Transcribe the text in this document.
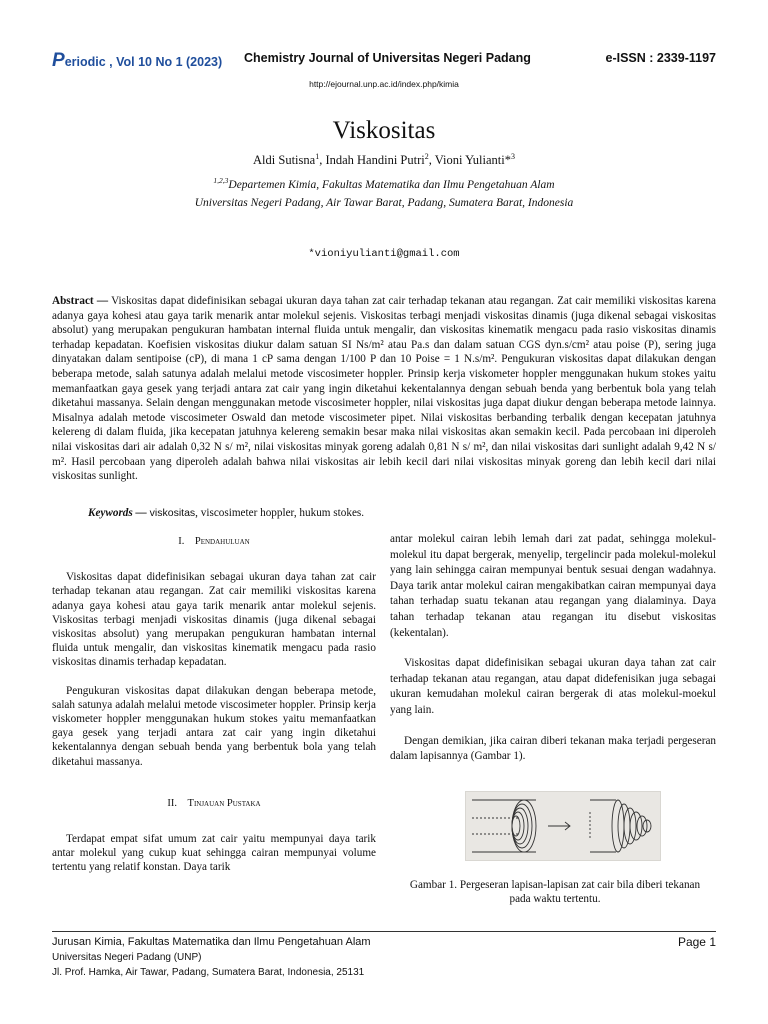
Periodic , Vol 10 No 1 (2023) Chemistry Journal of Universitas Negeri Padang	e-ISSN : 2339-1197
http://ejournal.unp.ac.id/index.php/kimia
Viskositas
Aldi Sutisna$^1$, Indah Handini Putri$^2$, Vioni Yulianti*$^3$
$^{1,2,3}$Departemen Kimia, Fakultas Matematika dan Ilmu Pengetahuan Alam
Universitas Negeri Padang, Air Tawar Barat, Padang, Sumatera Barat, Indonesia
*vioniyulianti@gmail.com
Abstract — Viskositas dapat didefinisikan sebagai ukuran daya tahan zat cair terhadap tekanan atau regangan. Zat cair memiliki viskositas karena adanya gaya kohesi atau gaya tarik menarik antar molekul sejenis. Viskositas terbagi menjadi viskositas dinamis (juga dikenal sebagai viskositas absolut) yang merupakan pengukuran hambatan internal fluida untuk mengalir, dan viskositas kinematik mengacu pada rasio viskositas dinamis terhadap kepadatan. Koefisien viskositas diukur dalam satuan SI Ns/m² atau Pa.s dan dalam satuan CGS dyn.s/cm² atau poise (P), sering juga dinyatakan dalam sentipoise (cP), di mana 1 cP sama dengan 1/100 P dan 10 Poise = 1 N.s/m². Pengukuran viskositas dapat dilakukan dengan beberapa metode, salah satunya adalah melalui metode viscosimeter hoppler. Prinsip kerja viskometer hoppler menggunakan hukum stokes yaitu memanfaatkan gaya gesek yang terjadi antara zat cair yang ingin diketahui kekentalannya dengan sebuah benda yang berbentuk bola yang telah diketahui massanya. Selain dengan menggunakan metode viscosimeter hoppler, nilai viskositas juga dapat diukur dengan beberapa metode lainnya. Misalnya adalah metode viscosimeter Oswald dan metode viscosimeter pipet. Nilai viskositas berbanding terbalik dengan kecepatan jatuhnya kelereng di dalam fluida, jika kecepatan jatuhnya kelereng semakin besar maka nilai viskositas akan semakin kecil. Pada percobaan ini diperoleh nilai viskositas dari air adalah 0,32 N s/ m², nilai viskositas minyak goreng adalah 0,81 N s/ m², dan nilai viskositas dari sunlight adalah 9,42 N s/ m². Hasil percobaan yang diperoleh adalah bahwa nilai viskositas air lebih kecil dari nilai viskositas minyak goreng dan lebih kecil dari nilai viskositas sunlight.
Keywords — viskositas, viscosimeter hoppler, hukum stokes.
I. Pendahuluan
Viskositas dapat didefinisikan sebagai ukuran daya tahan zat cair terhadap tekanan atau regangan. Zat cair memiliki viskositas karena adanya gaya kohesi atau gaya tarik menarik antar molekul sejenis. Viskositas terbagi menjadi viskositas dinamis (juga dikenal sebagai viskositas absolut) yang merupakan pengukuran hambatan internal fluida untuk mengalir, dan viskositas kinematik mengacu pada rasio viskositas dinamis terhadap kepadatan.
Pengukuran viskositas dapat dilakukan dengan beberapa metode, salah satunya adalah melalui metode viscosimeter hoppler. Prinsip kerja viskometer hoppler menggunakan hukum stokes yaitu memanfaatkan gaya gesek yang terjadi antara zat cair yang ingin diketahui kekentalannya dengan sebuah benda yang berbentuk bola yang telah diketahui massanya.
II. Tinjauan Pustaka
Terdapat empat sifat umum zat cair yaitu mempunyai daya tarik antar molekul yang cukup kuat sehingga cairan mempunyai volume tertentu yang relatif konstan. Daya tarik
antar molekul cairan lebih lemah dari zat padat, sehingga molekul-molekul itu dapat bergerak, menyelip, tergelincir pada molekul-molekul yang lain sehingga cairan mempunyai bentuk sesuai dengan wadahnya. Daya tarik antar molekul cairan mengakibatkan cairan mempunyai daya tahan terhadap suatu tekanan atau regangan yang dialaminya. Daya tahan terhadap tekanan atau regangan itu disebut viskositas (kekentalan).
Viskositas dapat didefinisikan sebagai ukuran daya tahan zat cair terhadap tekanan atau regangan, atau dapat didefenisikan juga sebagai ukuran kemudahan molekul cairan bergerak di atas molekul-moekul yang lain.
Dengan demikian, jika cairan diberi tekanan maka terjadi pergeseran dalam lapisannya (Gambar 1).
Gambar 1. Pergeseran lapisan-lapisan zat cair bila diberi tekanan pada waktu tertentu.
Jurusan Kimia, Fakultas Matematika dan Ilmu Pengetahuan Alam
Universitas Negeri Padang (UNP)
Jl. Prof. Hamka, Air Tawar, Padang, Sumatera Barat, Indonesia, 25131
Page 1
